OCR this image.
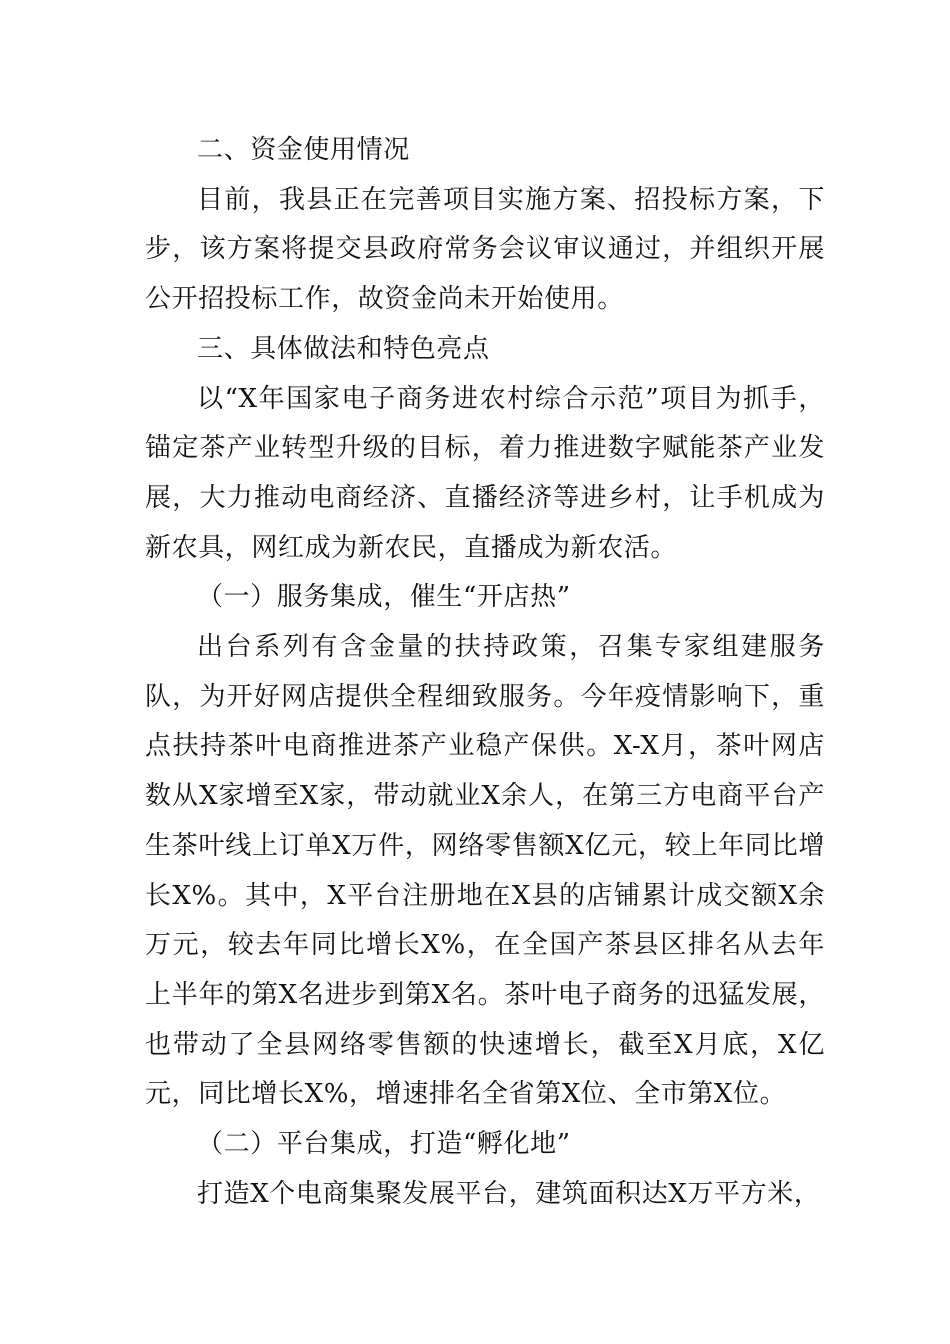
二、资金使用情况

目前，我县正在完善项目实施方案、招投标方案，下步，该方案将提交县政府常务会议审议通过，并组织开展公开招投标工作，故资金尚未开始使用。

三、具体做法和特色亮点

以“X年国家电子商务进农村综合示范”项目为抓手，锚定茶产业转型升级的目标，着力推进数字赋能茶产业发展，大力推动电商经济、直播经济等进乡村，让手机成为新农具，网红成为新农民，直播成为新农活。

（一）服务集成，催生“开店热”

出台系列有含金量的扶持政策，召集专家组建服务队，为开好网店提供全程细致服务。今年疫情影响下，重点扶持茶叶电商推进茶产业稳产保供。X-X月，茶叶网店数从X家增至X家，带动就业X余人，在第三方电商平台产生茶叶线上订单X万件，网络零售额X亿元，较上年同比增长X%。其中，X平台注册地在X县的店铺累计成交额X余万元，较去年同比增长X%，在全国产茶县区排名从去年上半年的第X名进步到第X名。茶叶电子商务的迅猛发展，也带动了全县网络零售额的快速增长，截至X月底，X亿元，同比增长X%，增速排名全省第X位、全市第X位。

（二）平台集成，打造“孵化地”

打造X个电商集聚发展平台，建筑面积达X万平方米，
